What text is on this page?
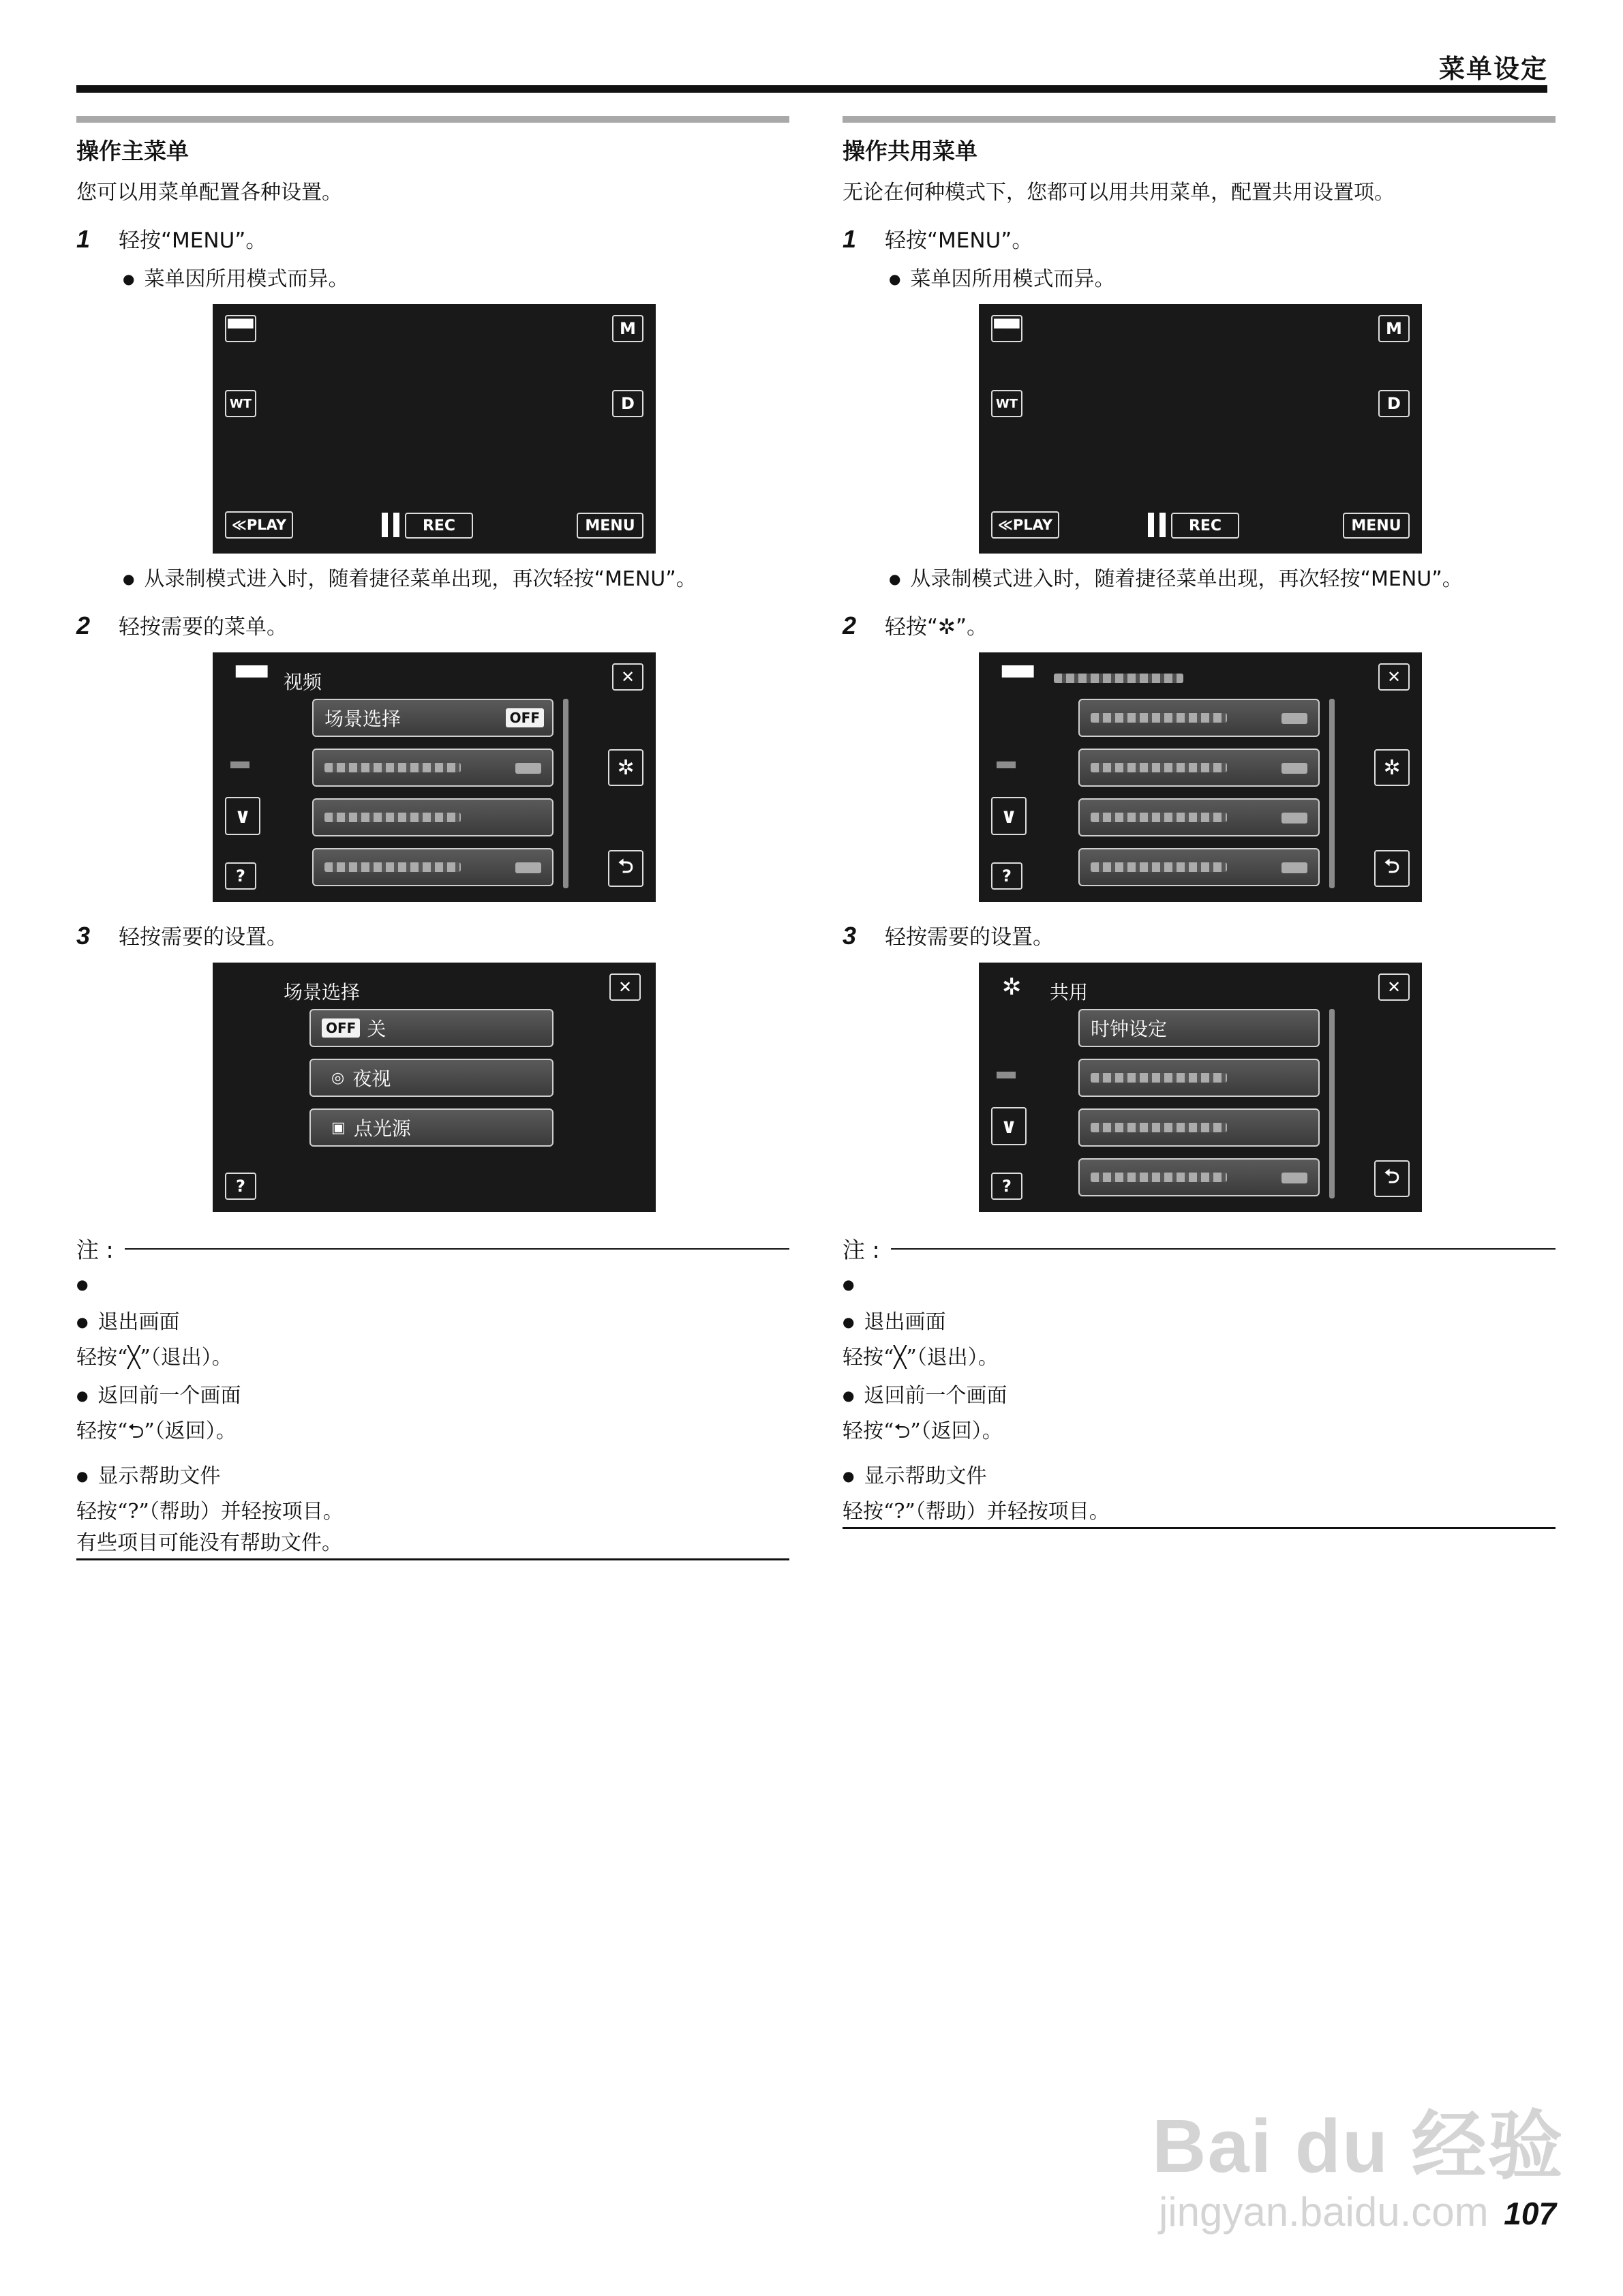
菜单设定
操作主菜单
您可以用菜单配置各种设置。
1	轻按“MENU”。
● 菜单因所用模式而异。
▀▀	M
WT	D
≪PLAY	REC	MENU
● 从录制模式进入时，随着捷径菜单出现，再次轻按“MENU”。
2	轻按需要的菜单。
▀▀ 视频	✕
场景选择	OFF
∨
?
✲
⮌
3	轻按需要的设置。
场景选择	✕
OFF 关
◎ 夜视
▣ 点光源
?
注 :
●
● 退出画面
轻按“╳”（退出）。
● 返回前一个画面
轻按“⮌”（返回）。
● 显示帮助文件
轻按“?”（帮助）并轻按项目。
有些项目可能没有帮助文件。
操作共用菜单
无论在何种模式下，您都可以用共用菜单，配置共用设置项。
1	轻按“MENU”。
● 菜单因所用模式而异。
▀▀	M
WT	D
≪PLAY	REC	MENU
● 从录制模式进入时，随着捷径菜单出现，再次轻按“MENU”。
2	轻按“✲”。
▀▀	✕
∨
?
✲
⮌
3	轻按需要的设置。
✲ 共用	✕
时钟设定
∨
?	⮌
注 :
●
● 退出画面
轻按“╳”（退出）。
● 返回前一个画面
轻按“⮌”（返回）。
● 显示帮助文件
轻按“?”（帮助）并轻按项目。
Bai du 经验
jingyan.baidu.com 107
